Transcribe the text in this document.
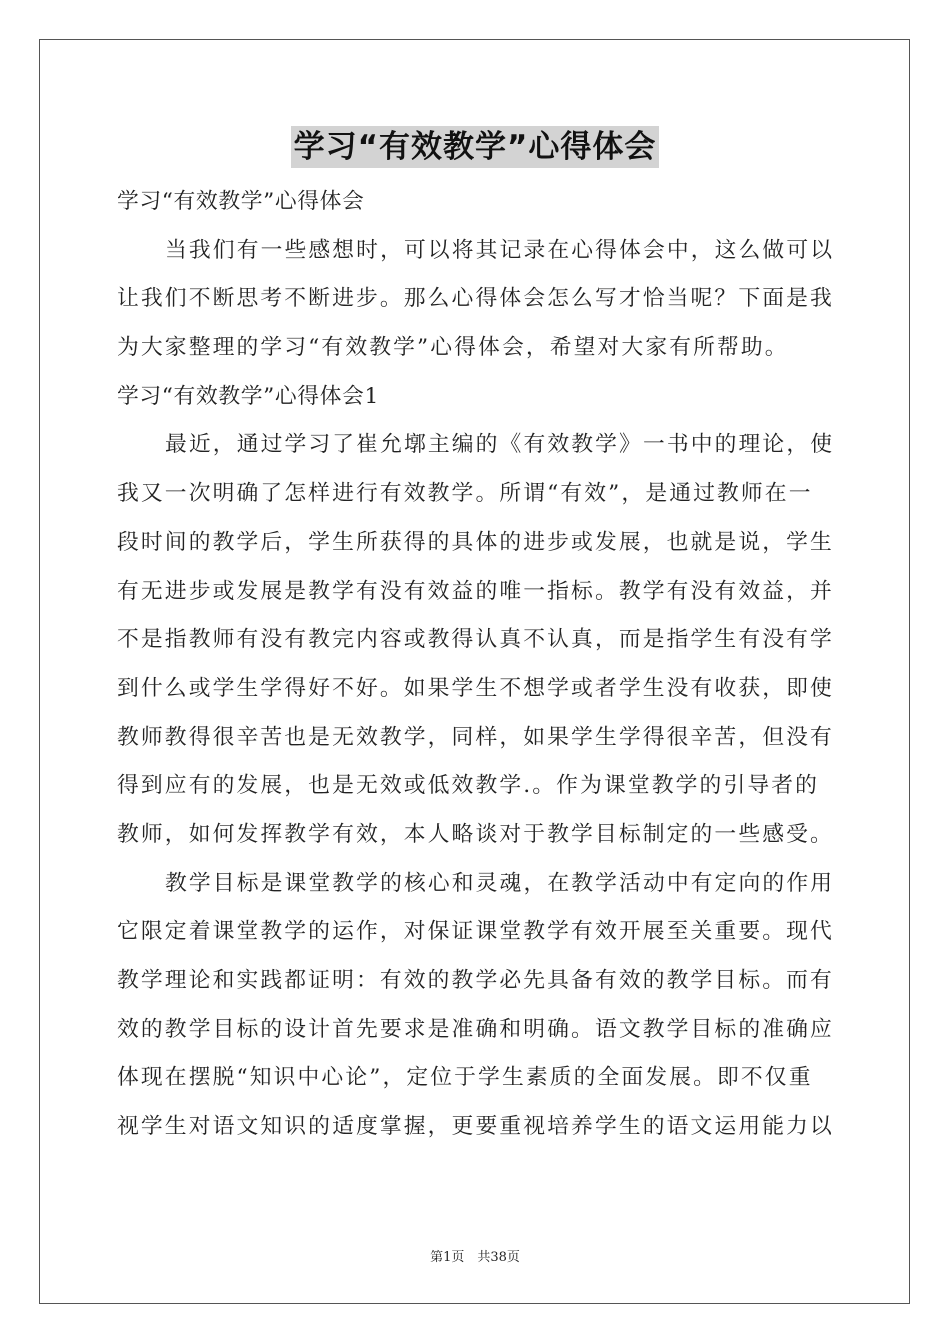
学习“有效教学”心得体会
学习“有效教学”心得体会
当我们有一些感想时，可以将其记录在心得体会中，这么做可以
让我们不断思考不断进步。那么心得体会怎么写才恰当呢？下面是我
为大家整理的学习“有效教学”心得体会，希望对大家有所帮助。
学习“有效教学”心得体会1
最近，通过学习了崔允墎主编的《有效教学》一书中的理论，使
我又一次明确了怎样进行有效教学。所谓“有效”，是通过教师在一
段时间的教学后，学生所获得的具体的进步或发展，也就是说，学生
有无进步或发展是教学有没有效益的唯一指标。教学有没有效益，并
不是指教师有没有教完内容或教得认真不认真，而是指学生有没有学
到什么或学生学得好不好。如果学生不想学或者学生没有收获，即使
教师教得很辛苦也是无效教学，同样，如果学生学得很辛苦，但没有
得到应有的发展，也是无效或低效教学.。作为课堂教学的引导者的
教师，如何发挥教学有效，本人略谈对于教学目标制定的一些感受。
教学目标是课堂教学的核心和灵魂，在教学活动中有定向的作用
它限定着课堂教学的运作，对保证课堂教学有效开展至关重要。现代
教学理论和实践都证明：有效的教学必先具备有效的教学目标。而有
效的教学目标的设计首先要求是准确和明确。语文教学目标的准确应
体现在摆脱“知识中心论”，定位于学生素质的全面发展。即不仅重
视学生对语文知识的适度掌握，更要重视培养学生的语文运用能力以
第1页　共38页
